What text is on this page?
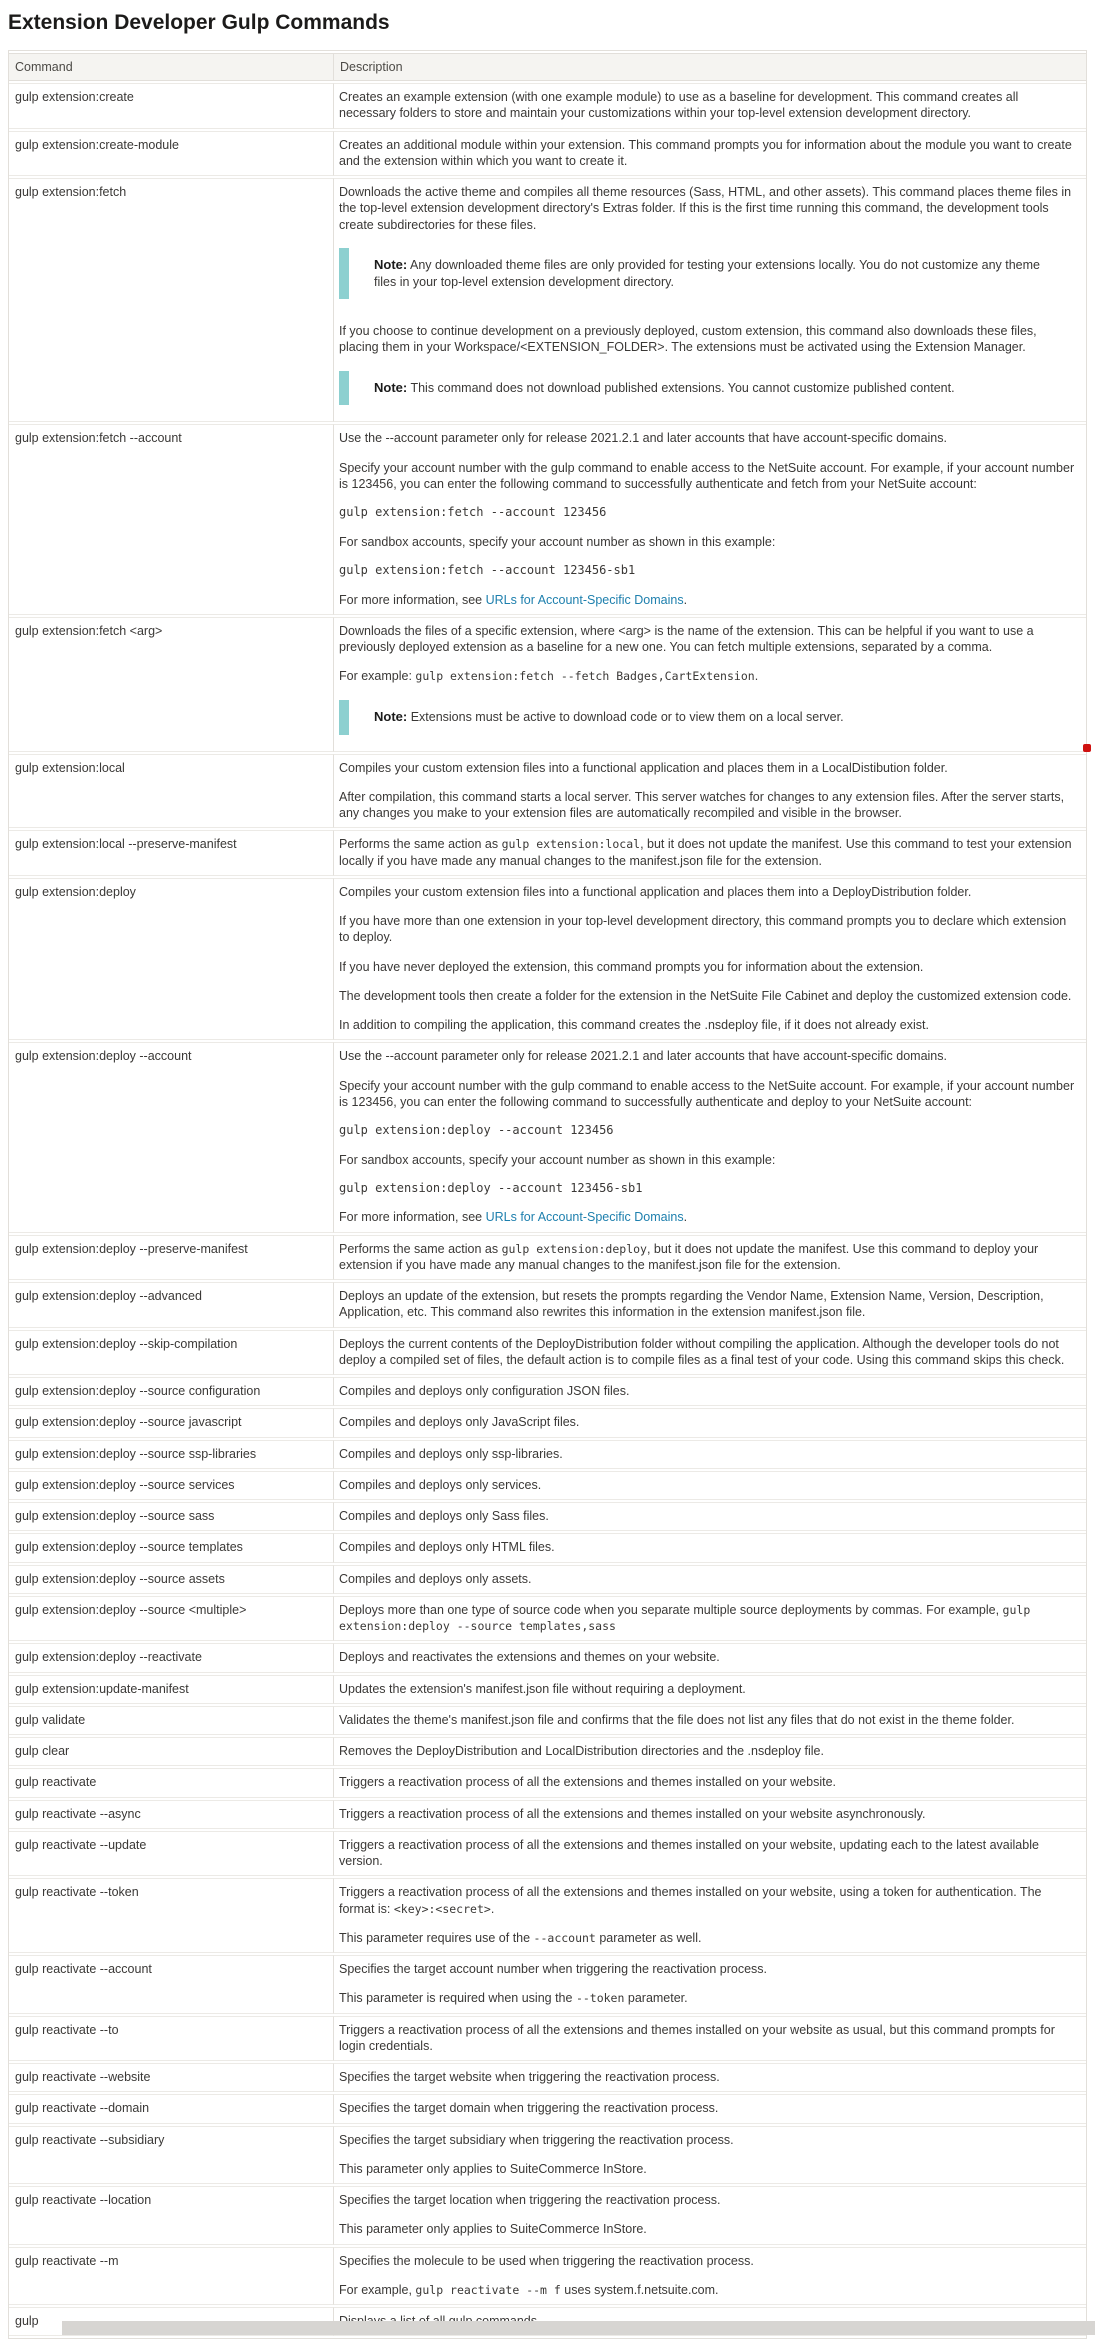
Extension Developer Gulp Commands
Command	Description
gulp extension:create	Creates an example extension (with one example module) to use as a baseline for development. This command creates all necessary folders to store and maintain your customizations within your top-level extension development directory.

gulp extension:create-module	Creates an additional module within your extension. This command prompts you for information about the module you want to create and the extension within which you want to create it.

gulp extension:fetch	Downloads the active theme and compiles all theme resources (Sass, HTML, and other assets). This command places theme files in the top-level extension development directory's Extras folder. If this is the first time running this command, the development tools create subdirectories for these files.

Note: Any downloaded theme files are only provided for testing your extensions locally. You do not customize any theme files in your top-level extension development directory.

If you choose to continue development on a previously deployed, custom extension, this command also downloads these files, placing them in your Workspace/<EXTENSION_FOLDER>. The extensions must be activated using the Extension Manager.

Note: This command does not download published extensions. You cannot customize published content.

gulp extension:fetch --account	Use the --account parameter only for release 2021.2.1 and later accounts that have account-specific domains.

Specify your account number with the gulp command to enable access to the NetSuite account. For example, if your account number is 123456, you can enter the following command to successfully authenticate and fetch from your NetSuite account:

gulp extension:fetch --account 123456

For sandbox accounts, specify your account number as shown in this example:

gulp extension:fetch --account 123456-sb1

For more information, see URLs for Account-Specific Domains.

gulp extension:fetch <arg>	Downloads the files of a specific extension, where <arg> is the name of the extension. This can be helpful if you want to use a previously deployed extension as a baseline for a new one. You can fetch multiple extensions, separated by a comma.

For example: gulp extension:fetch --fetch Badges,CartExtension.

Note: Extensions must be active to download code or to view them on a local server.

gulp extension:local	Compiles your custom extension files into a functional application and places them in a LocalDistibution folder.

After compilation, this command starts a local server. This server watches for changes to any extension files. After the server starts, any changes you make to your extension files are automatically recompiled and visible in the browser.

gulp extension:local --preserve-manifest	Performs the same action as gulp extension:local, but it does not update the manifest. Use this command to test your extension locally if you have made any manual changes to the manifest.json file for the extension.

gulp extension:deploy	Compiles your custom extension files into a functional application and places them into a DeployDistribution folder.

If you have more than one extension in your top-level development directory, this command prompts you to declare which extension to deploy.

If you have never deployed the extension, this command prompts you for information about the extension.

The development tools then create a folder for the extension in the NetSuite File Cabinet and deploy the customized extension code.

In addition to compiling the application, this command creates the .nsdeploy file, if it does not already exist.

gulp extension:deploy --account	Use the --account parameter only for release 2021.2.1 and later accounts that have account-specific domains.

Specify your account number with the gulp command to enable access to the NetSuite account. For example, if your account number is 123456, you can enter the following command to successfully authenticate and deploy to your NetSuite account:

gulp extension:deploy --account 123456

For sandbox accounts, specify your account number as shown in this example:

gulp extension:deploy --account 123456-sb1

For more information, see URLs for Account-Specific Domains.

gulp extension:deploy --preserve-manifest	Performs the same action as gulp extension:deploy, but it does not update the manifest. Use this command to deploy your extension if you have made any manual changes to the manifest.json file for the extension.

gulp extension:deploy --advanced	Deploys an update of the extension, but resets the prompts regarding the Vendor Name, Extension Name, Version, Description, Application, etc. This command also rewrites this information in the extension manifest.json file.

gulp extension:deploy --skip-compilation	Deploys the current contents of the DeployDistribution folder without compiling the application. Although the developer tools do not deploy a compiled set of files, the default action is to compile files as a final test of your code. Using this command skips this check.

gulp extension:deploy --source configuration	Compiles and deploys only configuration JSON files.

gulp extension:deploy --source javascript	Compiles and deploys only JavaScript files.

gulp extension:deploy --source ssp-libraries	Compiles and deploys only ssp-libraries.

gulp extension:deploy --source services	Compiles and deploys only services.

gulp extension:deploy --source sass	Compiles and deploys only Sass files.

gulp extension:deploy --source templates	Compiles and deploys only HTML files.

gulp extension:deploy --source assets	Compiles and deploys only assets.

gulp extension:deploy --source <multiple>	Deploys more than one type of source code when you separate multiple source deployments by commas. For example, gulp extension:deploy --source templates,sass

gulp extension:deploy --reactivate	Deploys and reactivates the extensions and themes on your website.

gulp extension:update-manifest	Updates the extension's manifest.json file without requiring a deployment.

gulp validate	Validates the theme's manifest.json file and confirms that the file does not list any files that do not exist in the theme folder.

gulp clear	Removes the DeployDistribution and LocalDistribution directories and the .nsdeploy file.

gulp reactivate	Triggers a reactivation process of all the extensions and themes installed on your website.

gulp reactivate --async	Triggers a reactivation process of all the extensions and themes installed on your website asynchronously.

gulp reactivate --update	Triggers a reactivation process of all the extensions and themes installed on your website, updating each to the latest available version.

gulp reactivate --token	Triggers a reactivation process of all the extensions and themes installed on your website, using a token for authentication. The format is: <key>:<secret>.

This parameter requires use of the --account parameter as well.

gulp reactivate --account	Specifies the target account number when triggering the reactivation process.

This parameter is required when using the --token parameter.

gulp reactivate --to	Triggers a reactivation process of all the extensions and themes installed on your website as usual, but this command prompts for login credentials.

gulp reactivate --website	Specifies the target website when triggering the reactivation process.

gulp reactivate --domain	Specifies the target domain when triggering the reactivation process.

gulp reactivate --subsidiary	Specifies the target subsidiary when triggering the reactivation process.

This parameter only applies to SuiteCommerce InStore.

gulp reactivate --location	Specifies the target location when triggering the reactivation process.

This parameter only applies to SuiteCommerce InStore.

gulp reactivate --m	Specifies the molecule to be used when triggering the reactivation process.

For example, gulp reactivate --m f uses system.f.netsuite.com.

gulp	
